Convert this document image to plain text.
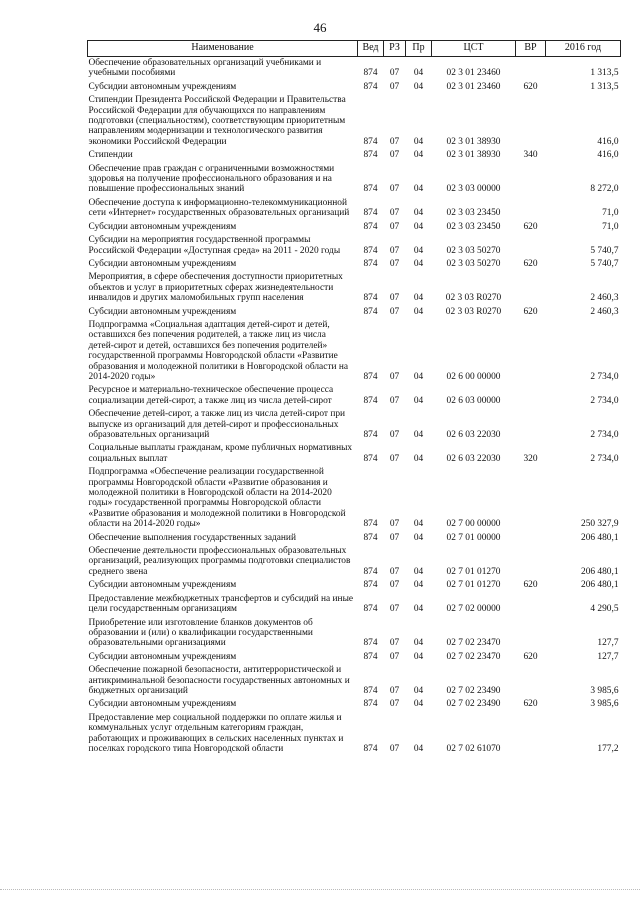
46
Наименование	Вед	РЗ	Пр	ЦСТ	ВР	2016 год
Обеспечение образовательных организаций учебниками и учебными пособиями	874	07	04	02 3 01 23460		1 313,5
Субсидии автономным учреждениям	874	07	04	02 3 01 23460	620	1 313,5
Стипендии Президента Российской Федерации и Правительства Российской Федерации для обучающихся по направлениям подготовки (специальностям), соответствующим приоритетным направлениям модернизации и технологического развития экономики Российской Федерации	874	07	04	02 3 01 38930		416,0
Стипендии	874	07	04	02 3 01 38930	340	416,0
Обеспечение прав граждан с ограниченными возможностями здоровья на получение профессионального образования и на повышение профессиональных знаний	874	07	04	02 3 03 00000		8 272,0
Обеспечение доступа к информационно-телекоммуникационной сети «Интернет» государственных образовательных организаций	874	07	04	02 3 03 23450		71,0
Субсидии автономным учреждениям	874	07	04	02 3 03 23450	620	71,0
Субсидии на мероприятия государственной программы Российской Федерации «Доступная среда» на 2011 - 2020 годы	874	07	04	02 3 03 50270		5 740,7
Субсидии автономным учреждениям	874	07	04	02 3 03 50270	620	5 740,7
Мероприятия, в сфере обеспечения доступности приоритетных объектов и услуг в приоритетных сферах жизнедеятельности инвалидов и других маломобильных групп населения	874	07	04	02 3 03 R0270		2 460,3
Субсидии автономным учреждениям	874	07	04	02 3 03 R0270	620	2 460,3
Подпрограмма «Социальная адаптация детей-сирот и детей, оставшихся без попечения родителей, а также лиц из числа детей-сирот и детей, оставшихся без попечения родителей» государственной программы Новгородской области «Развитие образования и молодежной политики в Новгородской области на 2014-2020 годы»	874	07	04	02 6 00 00000		2 734,0
Ресурсное и материально-техническое обеспечение процесса социализации детей-сирот, а также лиц из числа детей-сирот	874	07	04	02 6 03 00000		2 734,0
Обеспечение детей-сирот, а также лиц из числа детей-сирот при выпуске из организаций для детей-сирот и профессиональных образовательных организаций	874	07	04	02 6 03 22030		2 734,0
Социальные выплаты гражданам, кроме публичных нормативных социальных выплат	874	07	04	02 6 03 22030	320	2 734,0
Подпрограмма «Обеспечение реализации государственной программы Новгородской области «Развитие образования и молодежной политики в Новгородской области на 2014-2020 годы» государственной программы Новгородской области «Развитие образования и молодежной политики в Новгородской области на 2014-2020 годы»	874	07	04	02 7 00 00000		250 327,9
Обеспечение выполнения государственных заданий	874	07	04	02 7 01 00000		206 480,1
Обеспечение деятельности профессиональных образовательных организаций, реализующих программы подготовки специалистов среднего звена	874	07	04	02 7 01 01270		206 480,1
Субсидии автономным учреждениям	874	07	04	02 7 01 01270	620	206 480,1
Предоставление межбюджетных трансфертов и субсидий на иные цели государственным организациям	874	07	04	02 7 02 00000		4 290,5
Приобретение или изготовление бланков документов об образовании и (или) о квалификации государственными образовательными организациями	874	07	04	02 7 02 23470		127,7
Субсидии автономным учреждениям	874	07	04	02 7 02 23470	620	127,7
Обеспечение пожарной безопасности, антитеррористической и антикриминальной безопасности государственных автономных и бюджетных организаций	874	07	04	02 7 02 23490		3 985,6
Субсидии автономным учреждениям	874	07	04	02 7 02 23490	620	3 985,6
Предоставление мер социальной поддержки по оплате жилья и коммунальных услуг отдельным категориям граждан, работающих и проживающих в сельских населенных пунктах и поселках городского типа Новгородской области	874	07	04	02 7 02 61070		177,2
